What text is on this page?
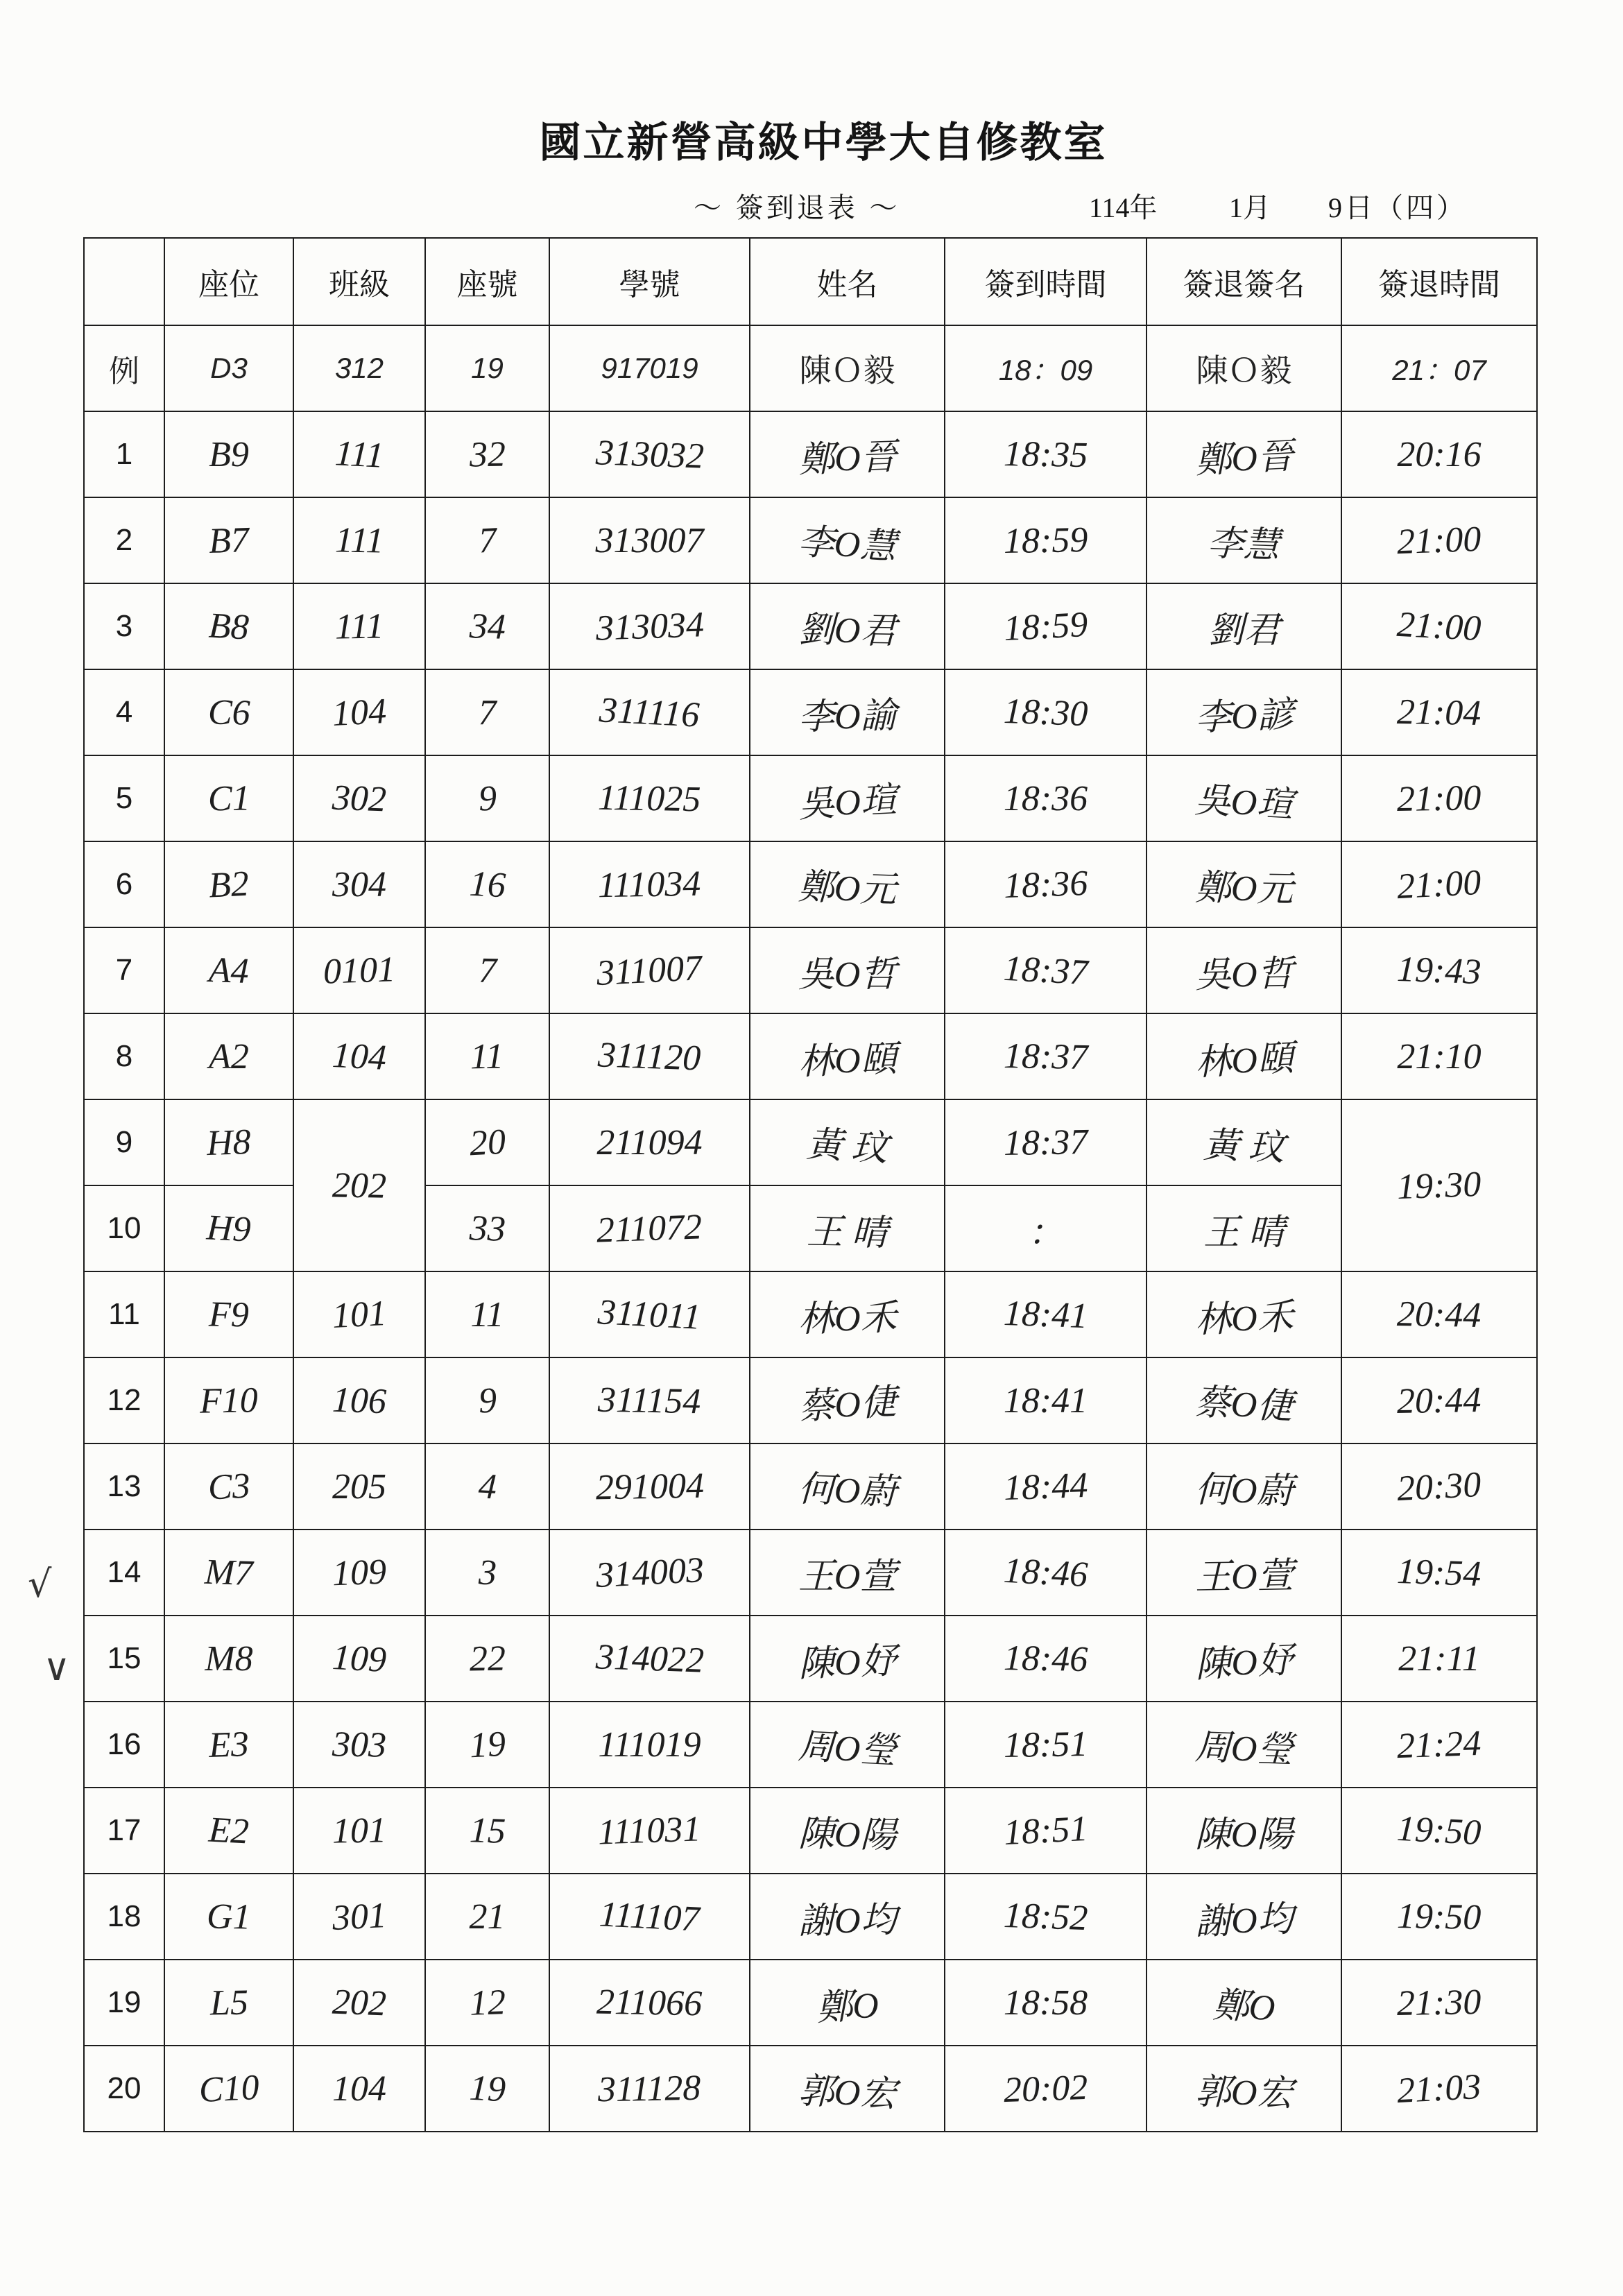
國立新營高級中學大自修教室
～ 簽到退表 ～	114年	1月 9日（四）
	座位	班級	座號	學號	姓名	簽到時間	簽退簽名	簽退時間
例	D3	312	19	917019	陳Ｏ毅	18：09	陳Ｏ毅	21：07
1	B9	111	32	313032	鄭O晉	18:35	鄭O晉	20:16
2	B7	111	7	313007	李O慧	18:59	李慧	21:00
3	B8	111	34	313034	劉O君	18:59	劉君	21:00
4	C6	104	7	311116	李O諭	18:30	李O諺	21:04
5	C1	302	9	111025	吳O瑄	18:36	吳O瑄	21:00
6	B2	304	16	111034	鄭O元	18:36	鄭O元	21:00
7	A4	0101	7	311007	吳O哲	18:37	吳O哲	19:43
8	A2	104	11	311120	林O頤	18:37	林O頤	21:10
9	H8	202	20	211094	黃 玟	18:37	黃 玟	19:30
10	H9		33	211072	王 晴	：	王 晴	
11	F9	101	11	311011	林O禾	18:41	林O禾	20:44
12	F10	106	9	311154	蔡O倢	18:41	蔡O倢	20:44
13	C3	205	4	291004	何O蔚	18:44	何O蔚	20:30
14	M7	109	3	314003	王O萱	18:46	王O萱	19:54
15	M8	109	22	314022	陳O妤	18:46	陳O妤	21:11
16	E3	303	19	111019	周O瑩	18:51	周O瑩	21:24
17	E2	101	15	111031	陳O陽	18:51	陳O陽	19:50
18	G1	301	21	111107	謝O均	18:52	謝O均	19:50
19	L5	202	12	211066	鄭O	18:58	鄭O	21:30
20	C10	104	19	311128	郭O宏	20:02	郭O宏	21:03
√
∨
